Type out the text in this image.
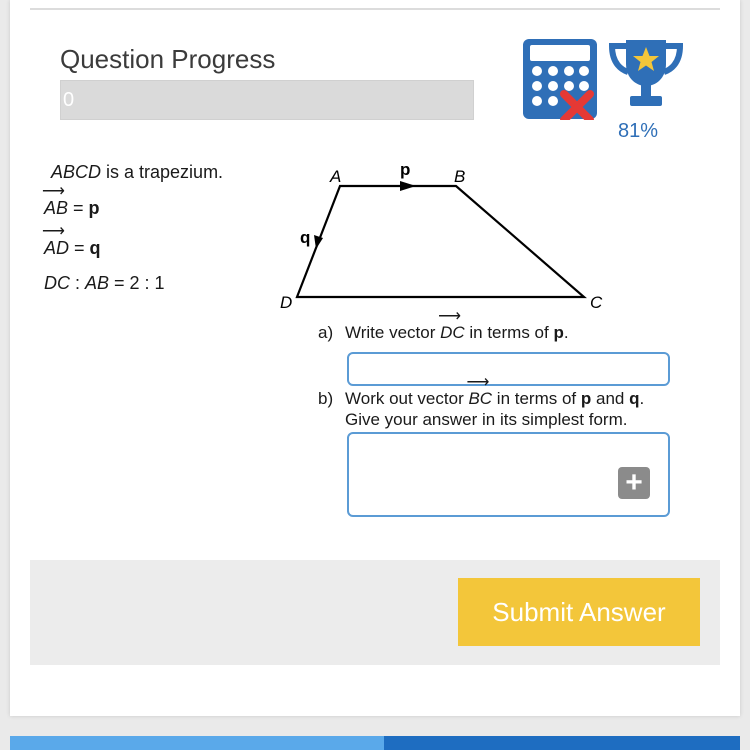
Question Progress
0
81%
ABCD is a trapezium.
⟶ AB = p
⟶ AD = q
DC : AB = 2 : 1
A	p	B
q
D	C
a) Write vector ⟶ DC in terms of p.
b) Work out vector ⟶ BC in terms of p and q.
Give your answer in its simplest form.
+
Submit Answer
